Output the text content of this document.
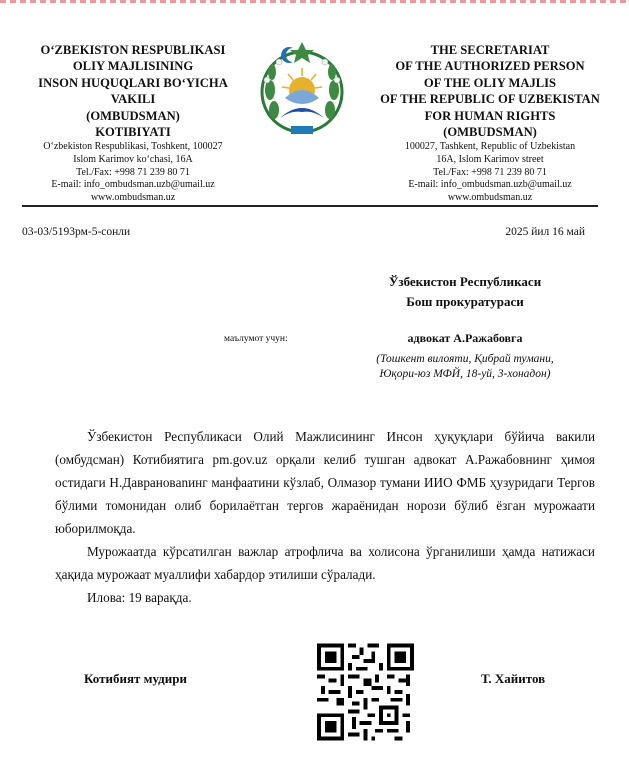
O‘ZBEKISTON RESPUBLIKASI
OLIY MAJLISINING
INSON HUQUQLARI BO‘YICHA
VAKILI
(OMBUDSMAN)
KOTIBIYATI
THE SECRETARIAT
OF THE AUTHORIZED PERSON
OF THE OLIY MAJLIS
OF THE REPUBLIC OF UZBEKISTAN
FOR HUMAN RIGHTS
(OMBUDSMAN)
O‘zbekiston Respublikasi, Toshkent, 100027
Islom Karimov ko‘chasi, 16A
Tel./Fax: +998 71 239 80 71
E-mail: info_ombudsman.uzb@umail.uz
www.ombudsman.uz
100027, Tashkent, Republic of Uzbekistan
16A, Islom Karimov street
Tel./Fax: +998 71 239 80 71
E-mail: info_ombudsman.uzb@umail.uz
www.ombudsman.uz
03-03/5193рм-5-сонли	2025 йил 16 май
Ўзбекистон Республикаси
Бош прокуратураси
маълумот учун:	адвокат А.Ражабовга
(Тошкент вилояти, Қибрай тумани,
Юқори-юз МФЙ, 18-уй, 3-хонадон)

Ўзбекистон Республикаси Олий Мажлисининг Инсон ҳуқуқлари бўйича вакили (омбудсман) Котибиятига pm.gov.uz орқали келиб тушган адвокат А.Ражабовнинг ҳимоя остидаги Н.Даврановanинг манфаатини кўзлаб, Олмазор тумани ИИО ФМБ ҳузуридаги Тергов бўлими томонидан олиб борилаётган тергов жараёнидан норози бўлиб ёзган мурожаати юборилмоқда.

Мурожаатда кўрсатилган важлар атрофлича ва холисона ўрганилиши ҳамда натижаси ҳақида мурожаат муаллифи хабардор этилиши сўралади.

Илова: 19 варақда.

Котибият мудири	Т. Хайитов
